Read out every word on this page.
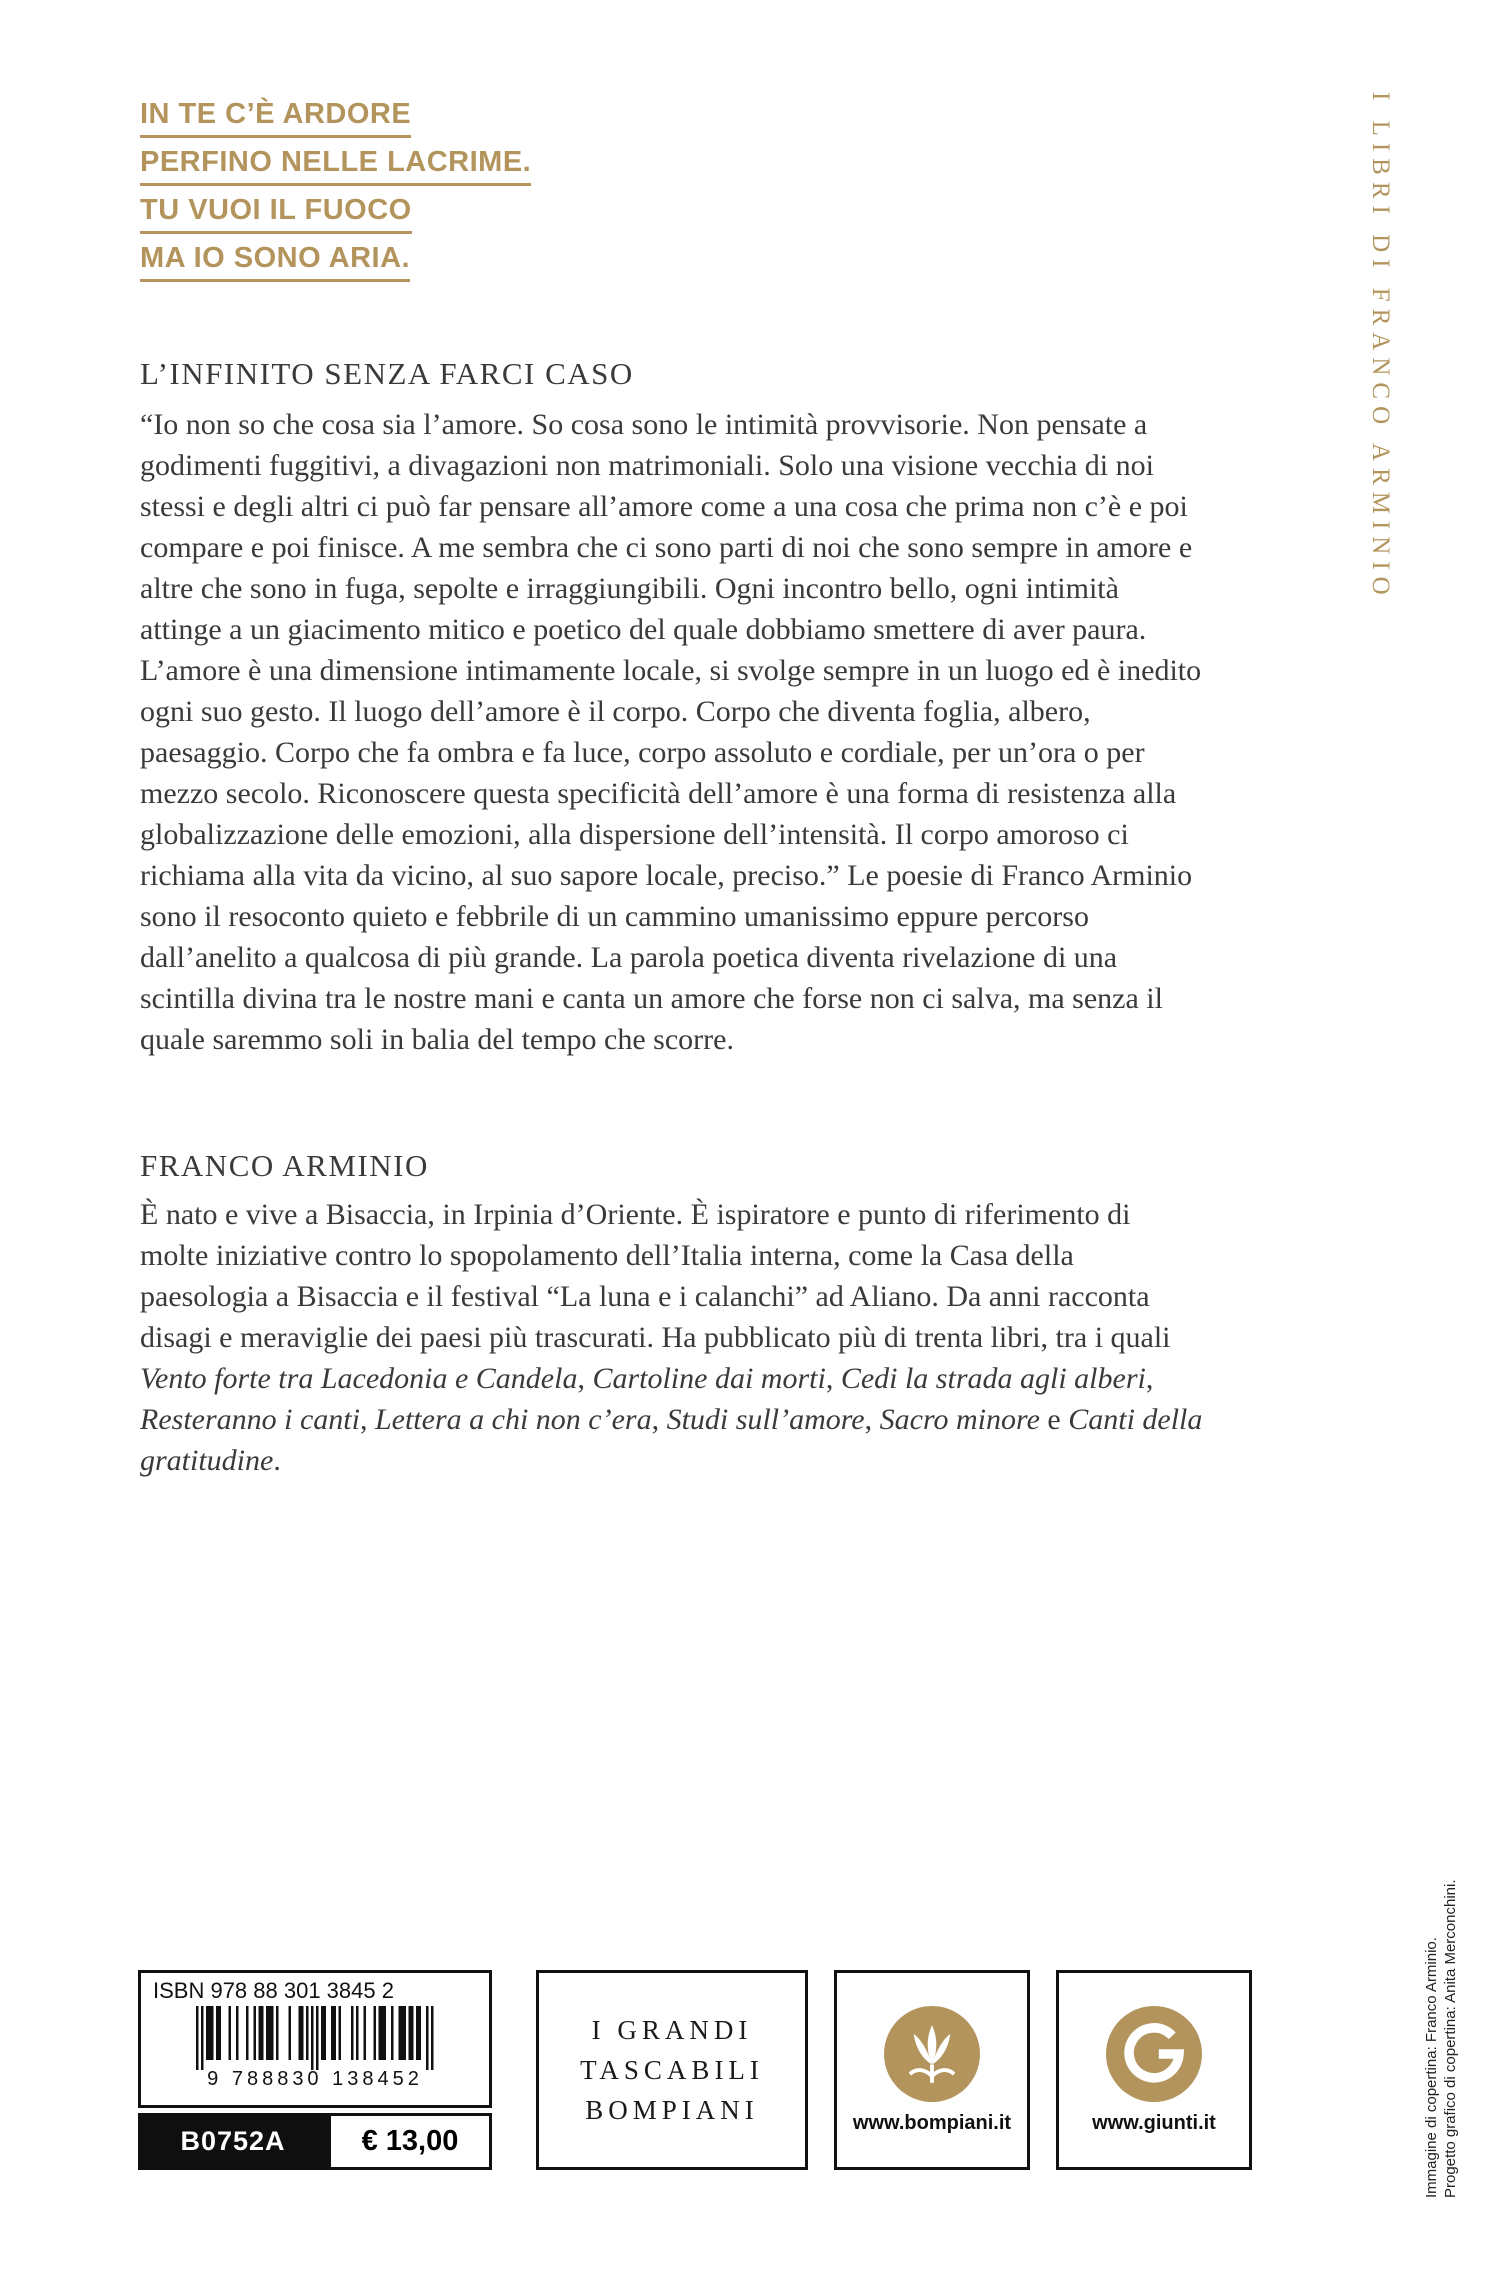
IN TE C’È ARDORE
PERFINO NELLE LACRIME.
TU VUOI IL FUOCO
MA IO SONO ARIA.
L’INFINITO SENZA FARCI CASO
“Io non so che cosa sia l’amore. So cosa sono le intimità provvisorie. Non pensate a godimenti fuggitivi, a divagazioni non matrimoniali. Solo una visione vecchia di noi stessi e degli altri ci può far pensare all’amore come a una cosa che prima non c’è e poi compare e poi finisce. A me sembra che ci sono parti di noi che sono sempre in amore e altre che sono in fuga, sepolte e irraggiungibili. Ogni incontro bello, ogni intimità attinge a un giacimento mitico e poetico del quale dobbiamo smettere di aver paura. L’amore è una dimensione intimamente locale, si svolge sempre in un luogo ed è inedito ogni suo gesto. Il luogo dell’amore è il corpo. Corpo che diventa foglia, albero, paesaggio. Corpo che fa ombra e fa luce, corpo assoluto e cordiale, per un’ora o per mezzo secolo. Riconoscere questa specificità dell’amore è una forma di resistenza alla globalizzazione delle emozioni, alla dispersione dell’intensità. Il corpo amoroso ci richiama alla vita da vicino, al suo sapore locale, preciso.” Le poesie di Franco Arminio sono il resoconto quieto e febbrile di un cammino umanissimo eppure percorso dall’anelito a qualcosa di più grande. La parola poetica diventa rivelazione di una scintilla divina tra le nostre mani e canta un amore che forse non ci salva, ma senza il quale saremmo soli in balia del tempo che scorre.
FRANCO ARMINIO
È nato e vive a Bisaccia, in Irpinia d’Oriente. È ispiratore e punto di riferimento di molte iniziative contro lo spopolamento dell’Italia interna, come la Casa della paesologia a Bisaccia e il festival “La luna e i calanchi” ad Aliano. Da anni racconta disagi e meraviglie dei paesi più trascurati. Ha pubblicato più di trenta libri, tra i quali Vento forte tra Lacedonia e Candela, Cartoline dai morti, Cedi la strada agli alberi, Resteranno i canti, Lettera a chi non c’era, Studi sull’amore, Sacro minore e Canti della gratitudine.
I LIBRI DI FRANCO ARMINIO
Immagine di copertina: Franco Arminio. Progetto grafico di copertina: Anita Merconchini.
ISBN 978 88 301 3845 2
9 788830 138452
B0752A	€ 13,00
I GRANDI
TASCABILI
BOMPIANI	www.bompiani.it	www.giunti.it
